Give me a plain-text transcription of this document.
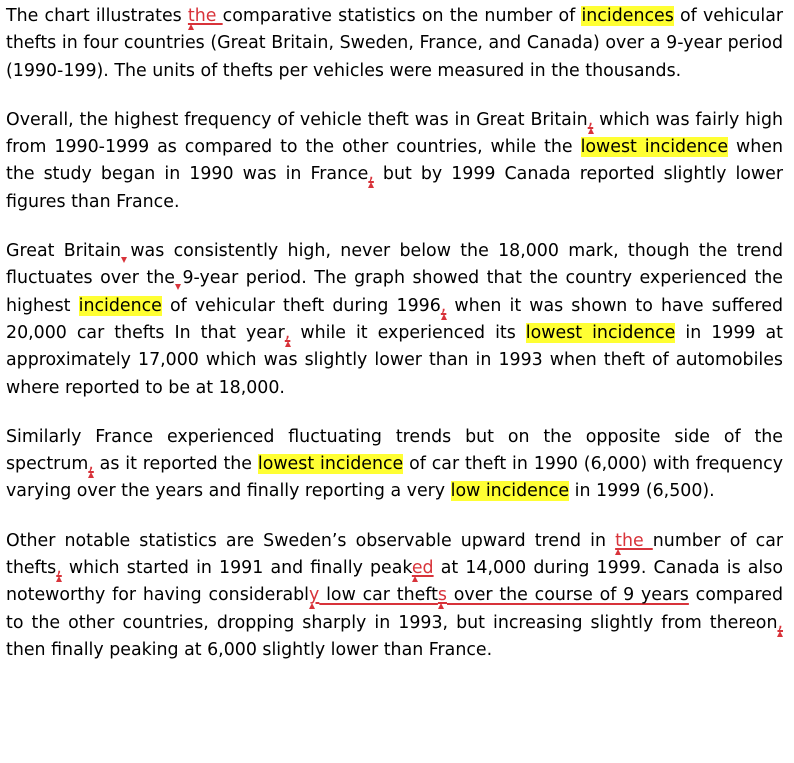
The chart illustrates the comparative statistics on the number of incidences of vehicular thefts in four countries (Great Britain, Sweden, France, and Canada) over a 9-year period (1990-199). The units of thefts per vehicles were measured in the thousands.

Overall, the highest frequency of vehicle theft was in Great Britain, which was fairly high from 1990-1999 as compared to the other countries, while the lowest incidence when the study began in 1990 was in France, but by 1999 Canada reported slightly lower figures than France.

Great Britain was consistently high, never below the 18,000 mark, though the trend fluctuates over the 9-year period. The graph showed that the country experienced the highest incidence of vehicular theft during 1996, when it was shown to have suffered 20,000 car thefts In that year, while it experienced its lowest incidence in 1999 at approximately 17,000 which was slightly lower than in 1993 when theft of automobiles where reported to be at 18,000.

Similarly France experienced fluctuating trends but on the opposite side of the spectrum, as it reported the lowest incidence of car theft in 1990 (6,000) with frequency varying over the years and finally reporting a very low incidence in 1999 (6,500).

Other notable statistics are Sweden’s observable upward trend in the number of car thefts, which started in 1991 and finally peaked at 14,000 during 1999. Canada is also noteworthy for having considerably low car thefts over the course of 9 years compared to the other countries, dropping sharply in 1993, but increasing slightly from thereon, then finally peaking at 6,000 slightly lower than France.
